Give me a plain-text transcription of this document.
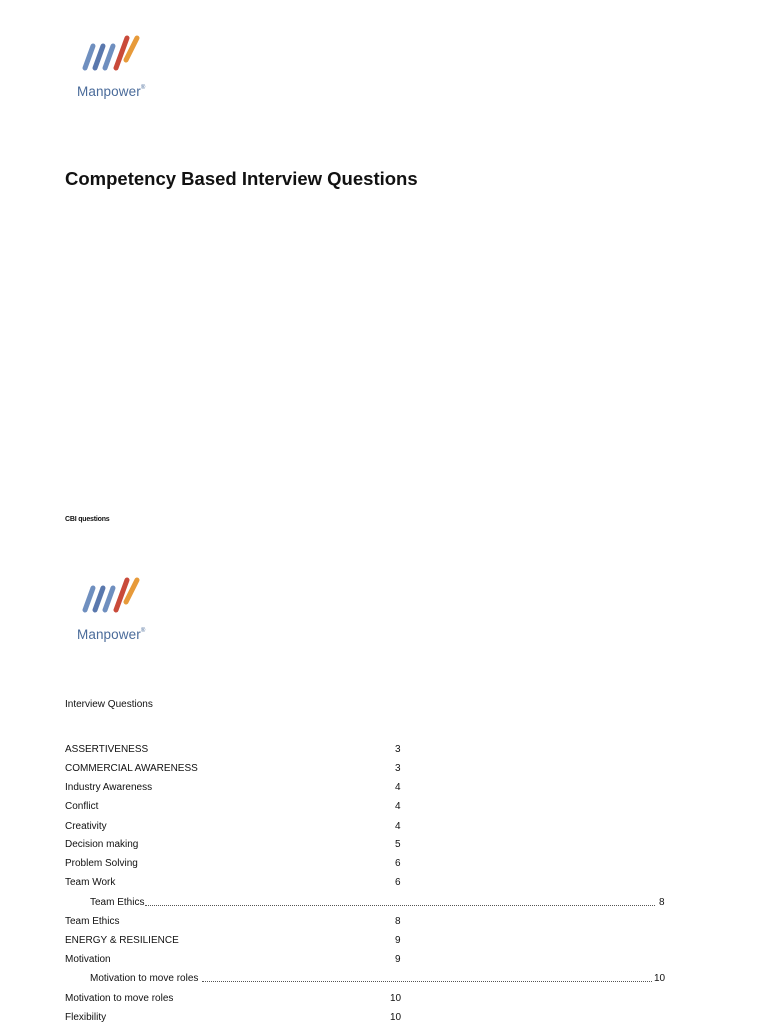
Manpower®
Competency Based Interview Questions
CBI questions
Manpower®
Interview Questions
ASSERTIVENESS	3
COMMERCIAL AWARENESS	3
Industry Awareness	4
Conflict	4
Creativity	4
Decision making	5
Problem Solving	6
Team Work	6
Team Ethics	8
Team Ethics	8
ENERGY & RESILIENCE	9
Motivation	9
Motivation to move roles	10
Motivation to move roles	10
Flexibility	10
